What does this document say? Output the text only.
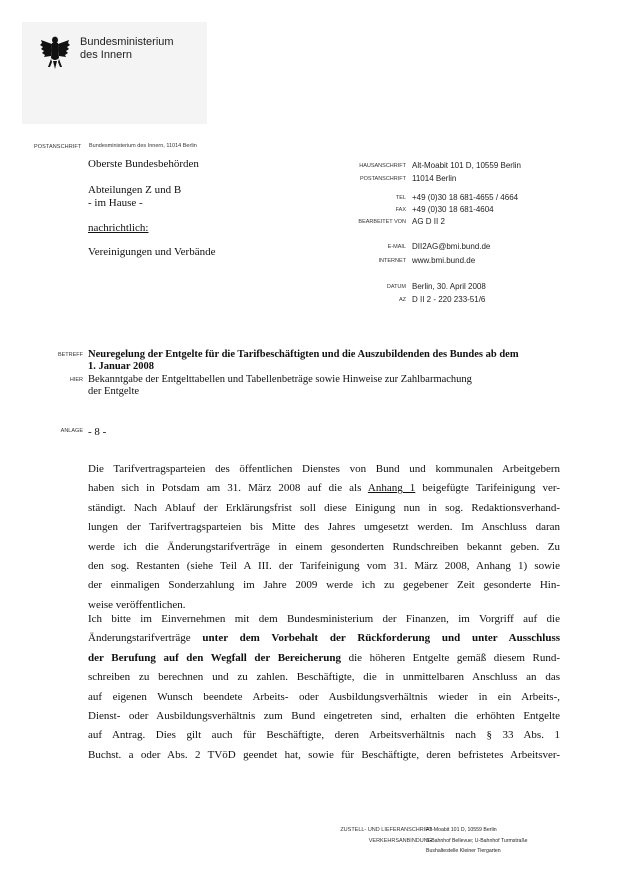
Bundesministerium
des Innern
POSTANSCHRIFT Bundesministerium des Innern, 11014 Berlin
Oberste Bundesbehörden
Abteilungen Z und B
- im Hause -
nachrichtlich:
Vereinigungen und Verbände
HAUSANSCHRIFT Alt-Moabit 101 D, 10559 Berlin
POSTANSCHRIFT 11014 Berlin
TEL +49 (0)30 18 681-4655 / 4664
FAX +49 (0)30 18 681-4604
BEARBEITET VON AG D II 2
E-MAIL DII2AG@bmi.bund.de
INTERNET www.bmi.bund.de
DATUM Berlin, 30. April 2008
AZ D II 2 - 220 233-51/6
BETREFF Neuregelung der Entgelte für die Tarifbeschäftigten und die Auszubildenden des Bundes ab dem
1. Januar 2008
HIER Bekanntgabe der Entgelttabellen und Tabellenbeträge sowie Hinweise zur Zahlbarmachung
der Entgelte
ANLAGE - 8 -
Die Tarifvertragsparteien des öffentlichen Dienstes von Bund und kommunalen Arbeitgebern
haben sich in Potsdam am 31. März 2008 auf die als Anhang 1 beigefügte Tarifeinigung ver-
ständigt. Nach Ablauf der Erklärungsfrist soll diese Einigung nun in sog. Redaktionsverhand-
lungen der Tarifvertragsparteien bis Mitte des Jahres umgesetzt werden. Im Anschluss daran
werde ich die Änderungstarifverträge in einem gesonderten Rundschreiben bekannt geben. Zu
den sog. Restanten (siehe Teil A III. der Tarifeinigung vom 31. März 2008, Anhang 1) sowie
der einmaligen Sonderzahlung im Jahre 2009 werde ich zu gegebener Zeit gesonderte Hin-
weise veröffentlichen.
Ich bitte im Einvernehmen mit dem Bundesministerium der Finanzen, im Vorgriff auf die
Änderungstarifverträge unter dem Vorbehalt der Rückforderung und unter Ausschluss
der Berufung auf den Wegfall der Bereicherung die höheren Entgelte gemäß diesem Rund-
schreiben zu berechnen und zu zahlen. Beschäftigte, die in unmittelbaren Anschluss an das
auf eigenen Wunsch beendete Arbeits- oder Ausbildungsverhältnis wieder in ein Arbeits-,
Dienst- oder Ausbildungsverhältnis zum Bund eingetreten sind, erhalten die erhöhten Entgelte
auf Antrag. Dies gilt auch für Beschäftigte, deren Arbeitsverhältnis nach § 33 Abs. 1
Buchst. a oder Abs. 2 TVöD geendet hat, sowie für Beschäftigte, deren befristetes Arbeitsver-
ZUSTELL- UND LIEFERANSCHRIFT
VERKEHRSANBINDUNG
Alt-Moabit 101 D, 10559 Berlin
S-Bahnhof Bellevue; U-Bahnhof Turmstraße
Bushaltestelle Kleiner Tiergarten
